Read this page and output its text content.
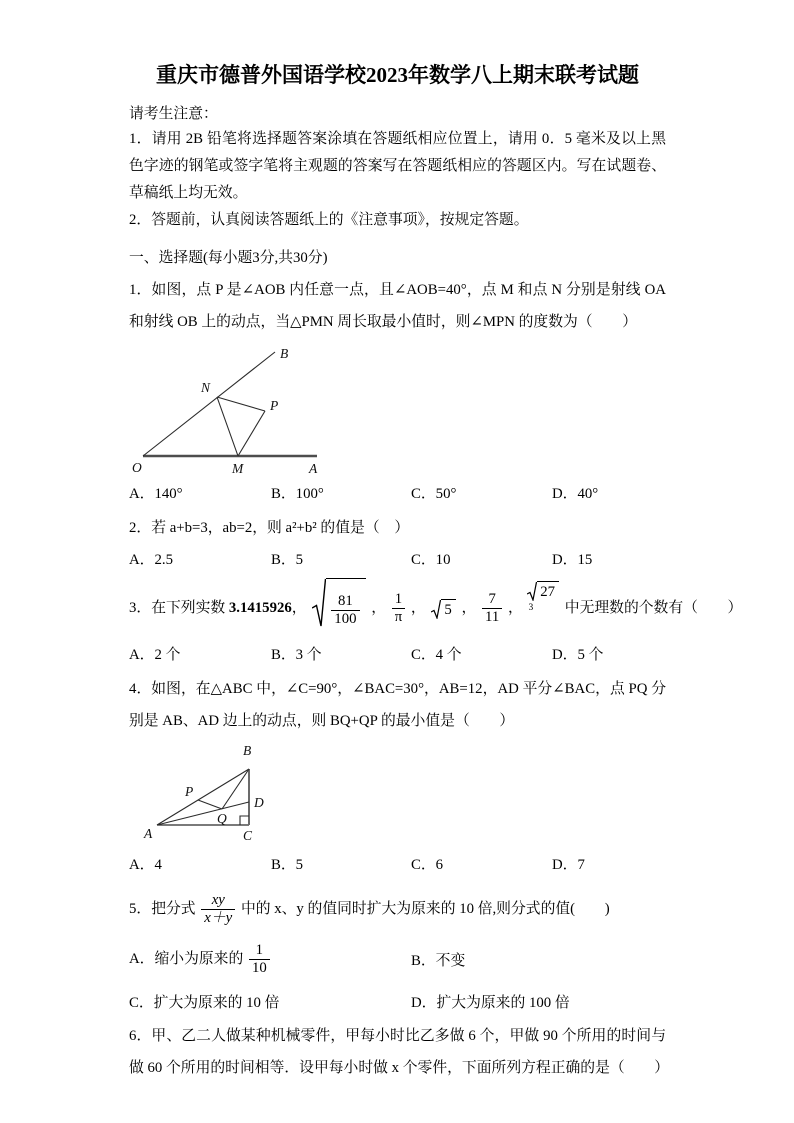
重庆市德普外国语学校2023年数学八上期末联考试题
请考生注意：
1．请用 2B 铅笔将选择题答案涂填在答题纸相应位置上，请用 0．5 毫米及以上黑色字迹的钢笔或签字笔将主观题的答案写在答题纸相应的答题区内。写在试题卷、草稿纸上均无效。
2．答题前，认真阅读答题纸上的《注意事项》，按规定答题。
一、选择题(每小题3分,共30分)
1．如图，点 P 是∠AOB 内任意一点，且∠AOB=40°，点 M 和点 N 分别是射线 OA 和射线 OB 上的动点，当△PMN 周长取最小值时，则∠MPN 的度数为（　　）
B
N
P
O	M	A
A．140°	B．100°	C．50°	D．40°
2．若 a+b=3，ab=2，则 a²+b² 的值是（　）
A．2.5	B．5	C．10	D．15
3．在下列实数 3.1415926， $\frac{81}{100}$ ， $\frac{1}{\pi}$ ， 5 ， $\frac{7}{11}$ ， 3
27
中无理数的个数有（　　）
A．2 个	B．3 个	C．4 个	D．5 个
4．如图，在△ABC 中，∠C=90°，∠BAC=30°，AB=12，AD 平分∠BAC，点 PQ 分别是 AB、AD 边上的动点，则 BQ+QP 的最小值是（　　）
B
P
D
Q
A	C
A．4	B．5	C．6	D．7
5．把分式 $\frac{xy}{x+y}$ 中的 x、y 的值同时扩大为原来的 10 倍,则分式的值(　　)
A．缩小为原来的 $\frac{1}{10}$	B．不变
C．扩大为原来的 10 倍	D．扩大为原来的 100 倍
6．甲、乙二人做某种机械零件，甲每小时比乙多做 6 个，甲做 90 个所用的时间与做 60 个所用的时间相等．设甲每小时做 x 个零件，下面所列方程正确的是（　　）
